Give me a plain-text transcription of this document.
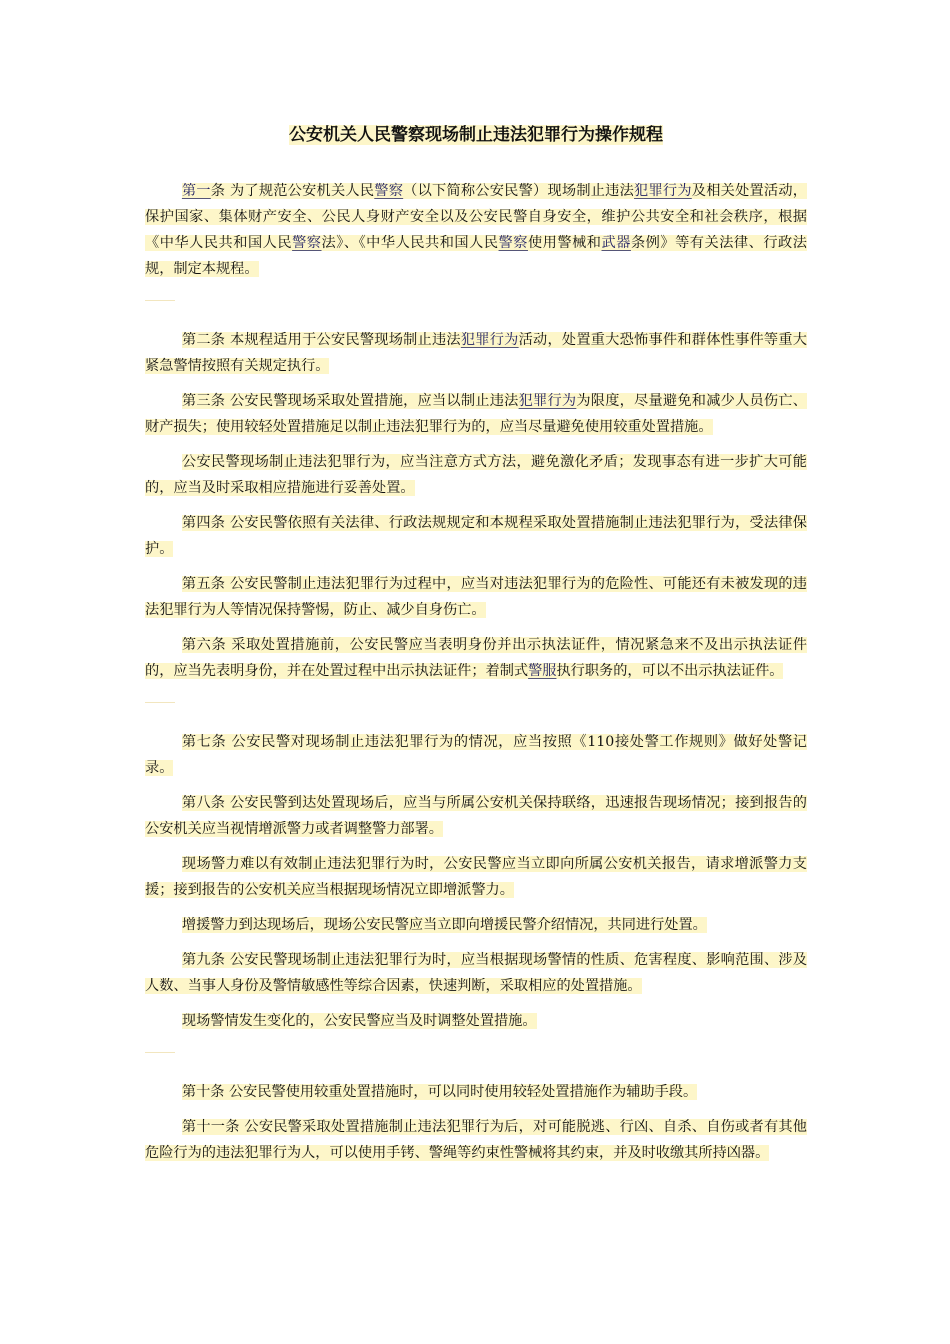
公安机关人民警察现场制止违法犯罪行为操作规程

第一条 为了规范公安机关人民警察（以下简称公安民警）现场制止违法犯罪行为及相关处置活动，保护国家、集体财产安全、公民人身财产安全以及公安民警自身安全，维护公共安全和社会秩序，根据《中华人民共和国人民警察法》、《中华人民共和国人民警察使用警械和武器条例》等有关法律、行政法规，制定本规程。

第二条 本规程适用于公安民警现场制止违法犯罪行为活动，处置重大恐怖事件和群体性事件等重大紧急警情按照有关规定执行。

第三条 公安民警现场采取处置措施，应当以制止违法犯罪行为为限度，尽量避免和减少人员伤亡、财产损失；使用较轻处置措施足以制止违法犯罪行为的，应当尽量避免使用较重处置措施。

公安民警现场制止违法犯罪行为，应当注意方式方法，避免激化矛盾；发现事态有进一步扩大可能的，应当及时采取相应措施进行妥善处置。

第四条 公安民警依照有关法律、行政法规规定和本规程采取处置措施制止违法犯罪行为，受法律保护。

第五条 公安民警制止违法犯罪行为过程中，应当对违法犯罪行为的危险性、可能还有未被发现的违法犯罪行为人等情况保持警惕，防止、减少自身伤亡。

第六条 采取处置措施前，公安民警应当表明身份并出示执法证件，情况紧急来不及出示执法证件的，应当先表明身份，并在处置过程中出示执法证件；着制式警服执行职务的，可以不出示执法证件。

第七条 公安民警对现场制止违法犯罪行为的情况，应当按照《110接处警工作规则》做好处警记录。

第八条 公安民警到达处置现场后，应当与所属公安机关保持联络，迅速报告现场情况；接到报告的公安机关应当视情增派警力或者调整警力部署。

现场警力难以有效制止违法犯罪行为时，公安民警应当立即向所属公安机关报告，请求增派警力支援；接到报告的公安机关应当根据现场情况立即增派警力。

增援警力到达现场后，现场公安民警应当立即向增援民警介绍情况，共同进行处置。

第九条 公安民警现场制止违法犯罪行为时，应当根据现场警情的性质、危害程度、影响范围、涉及人数、当事人身份及警情敏感性等综合因素，快速判断，采取相应的处置措施。

现场警情发生变化的，公安民警应当及时调整处置措施。

第十条 公安民警使用较重处置措施时，可以同时使用较轻处置措施作为辅助手段。

第十一条 公安民警采取处置措施制止违法犯罪行为后，对可能脱逃、行凶、自杀、自伤或者有其他危险行为的违法犯罪行为人，可以使用手铐、警绳等约束性警械将其约束，并及时收缴其所持凶器。
